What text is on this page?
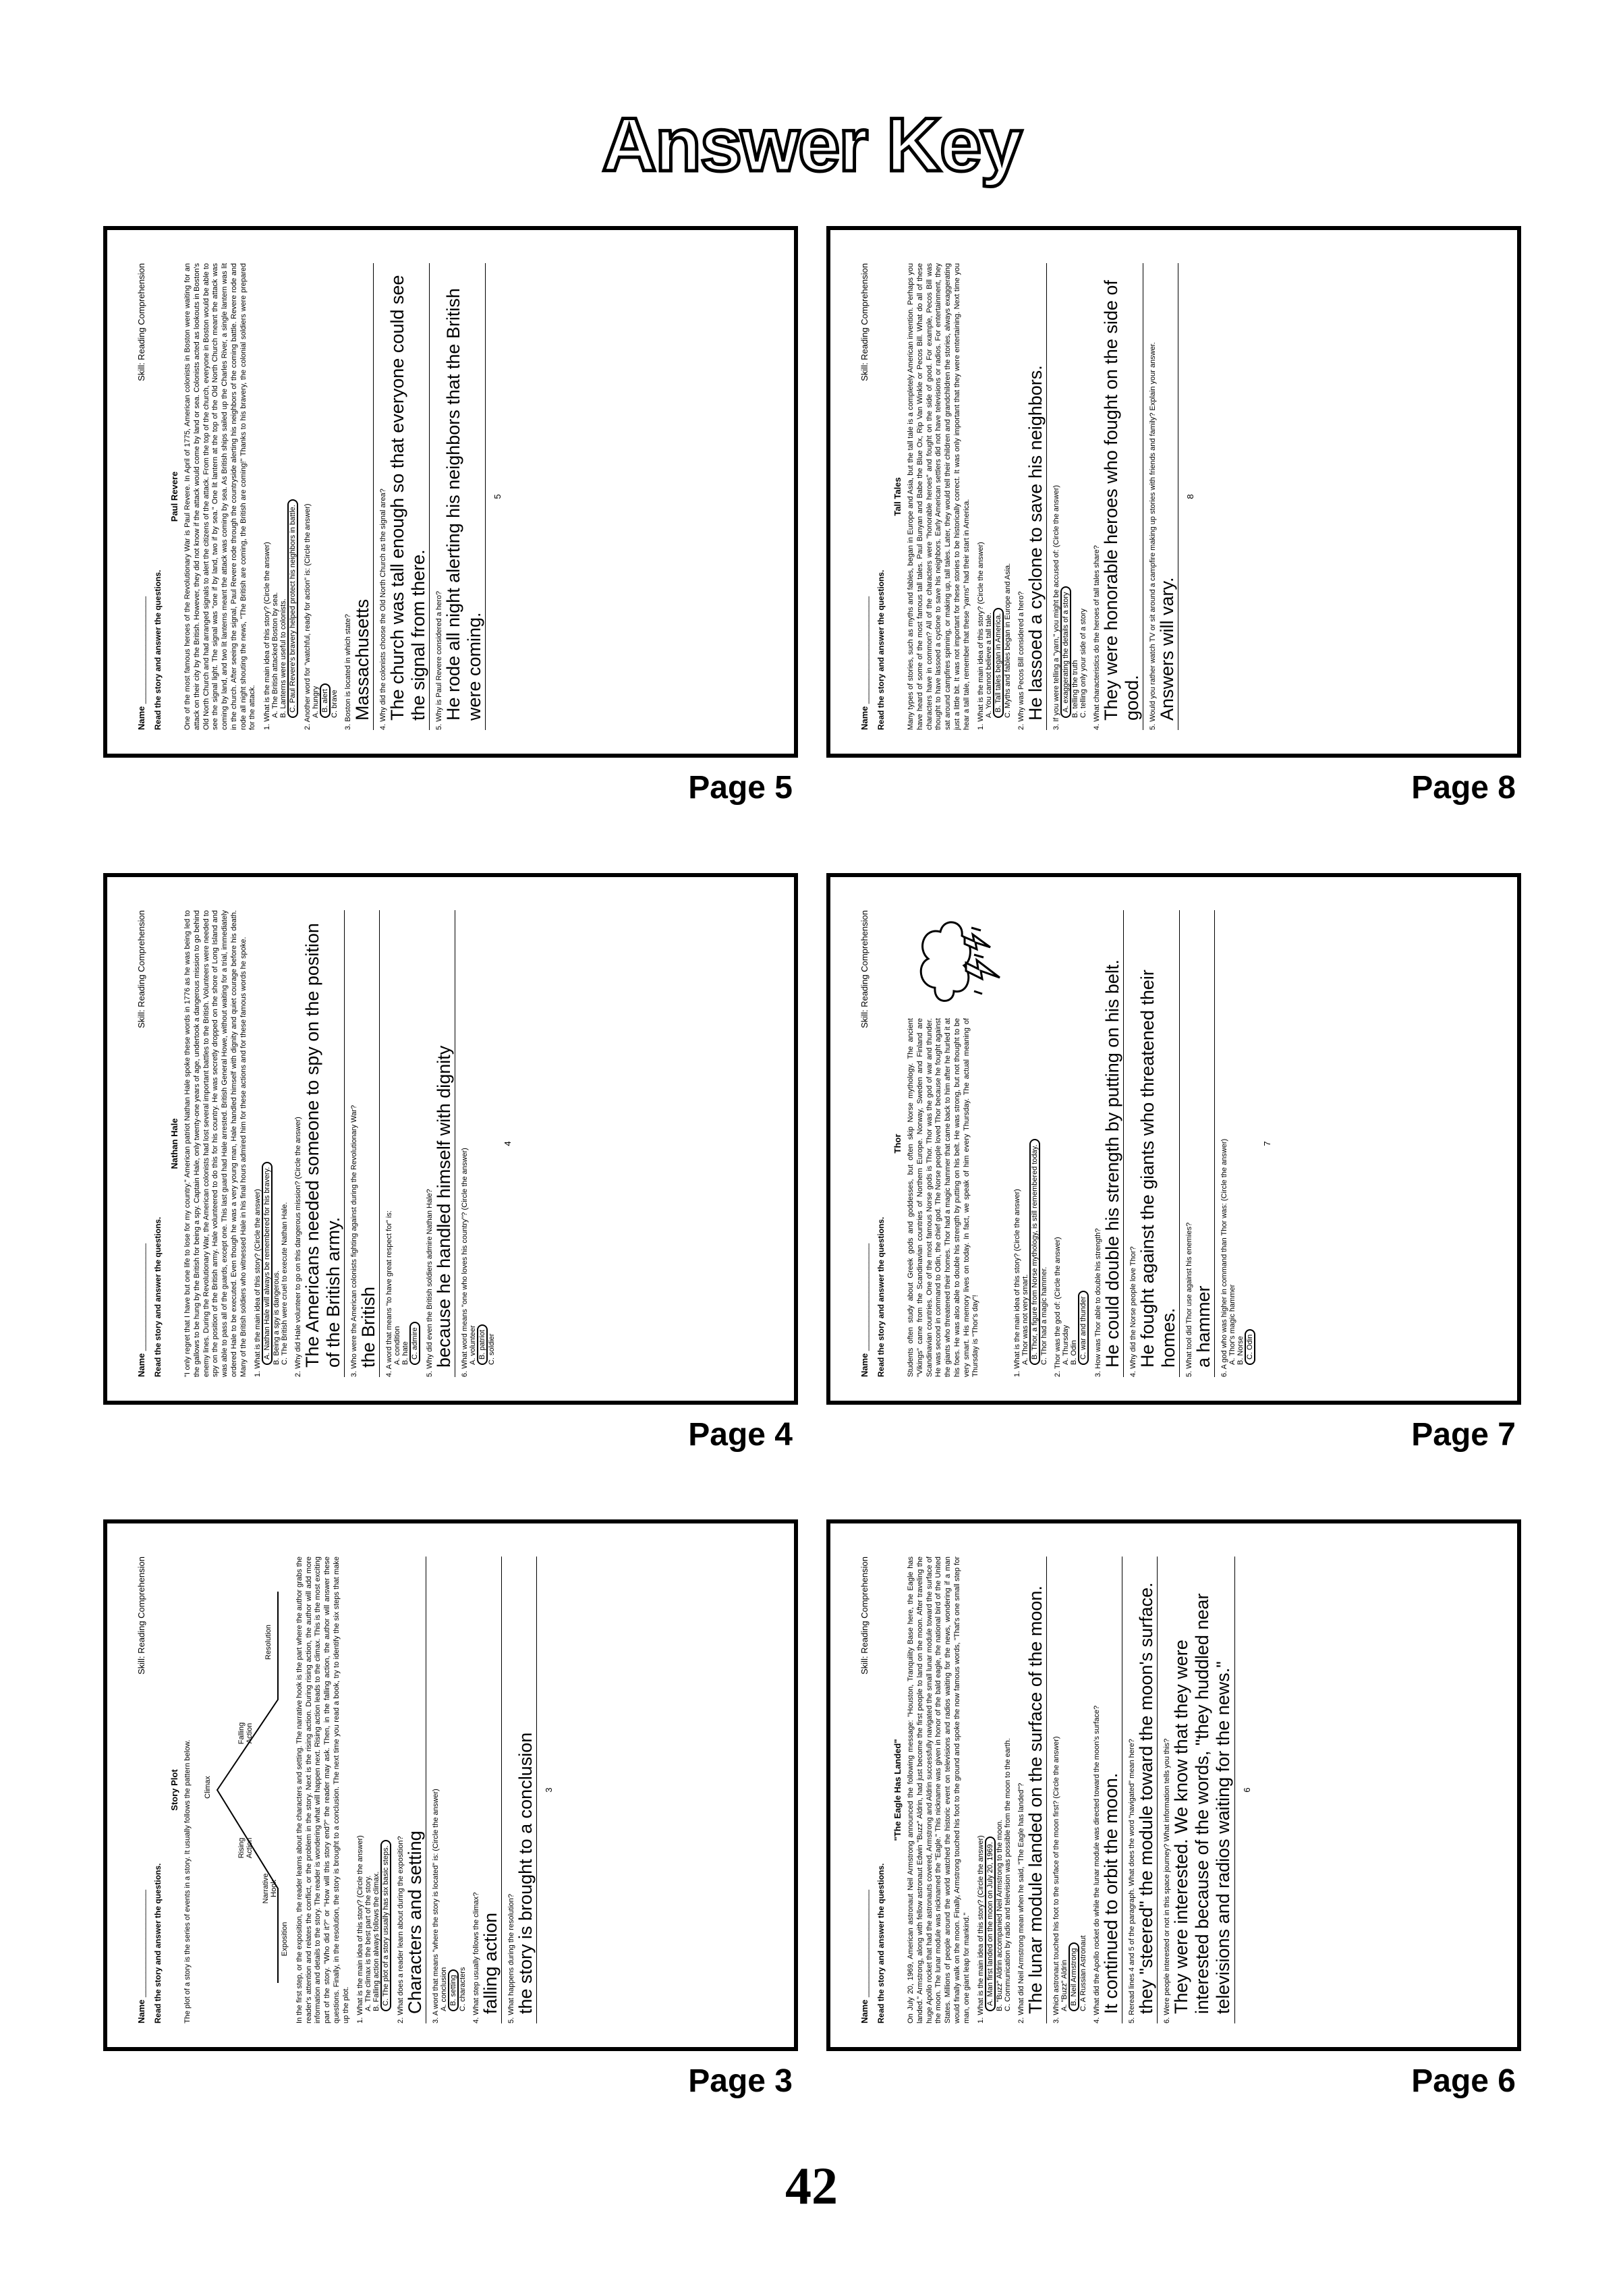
Answer Key
Name ______________________
Skill: Reading Comprehension
Read the story and answer the questions.
Paul Revere One of the most famous heroes of the Revolutionary War is Paul Revere. In April of 1775, American colonists in Boston were waiting for an attack on their city by the British. However, they did not know if the attack would come by land or sea. Colonists acted as lookouts in Boston's Old North Church and had arranged signals to alert the citizens of the attack. From the top of the church, everyone in Boston would be able to see the signal light. The signal was "one if by land, two if by sea." One lit lantern at the top of the Old North Church meant the attack was coming by land, and two lit lanterns meant the attack was coming by sea. As British ships sailed up the Charles River, a single lantern was lit in the church. After seeing the signal, Paul Revere rode through the countryside alerting his neighbors of the coming battle. Revere rode and rode all night shouting the news, "The British are coming, the British are coming!" Thanks to his bravery, the colonial soldiers were prepared for the attack. 1. What is the main idea of this story? (Circle the answer) A. The British attacked Boston by sea. B. Lanterns were useful to colonists. C. Paul Revere's bravery helped protect his neighbors in battle. 2. Another word for "watchful, ready for action" is: (Circle the answer) A. hungry B. alert C. brave 3. Boston is located in which state? Massachusetts 4. Why did the colonists choose the Old North Church as the signal area? The church was tall enough so that everyone could see the signal from there. 5. Why is Paul Revere considered a hero? He rode all night alerting his neighbors that the British were coming.
5
Page 5
Name ______________________
Skill: Reading Comprehension
Read the story and answer the questions.
Tall Tales Many types of stories, such as myths and fables, began in Europe and Asia, but the tall tale is a completely American invention. Perhaps you have heard of some of the most famous tall tales. Paul Bunyan and Babe the Blue Ox, Rip Van Winkle or Pecos Bill. What do all of these characters have in common? All of the characters were "honorable heroes" and fought on the side of good. For example, Pecos Bill was thought to have lassoed a cyclone to save his neighbors. Early American settlers did not have televisions or radios. For entertainment, they sat around campfires spinning, or making up, tall tales. Later, they would tell their children and grandchildren the stories, always exaggerating just a little bit. It was not important for these stories to be historically correct. It was only important that they were entertaining. Next time you hear a tall tale, remember that these "yarns" had their start in America. 1. What is the main idea of this story? (Circle the answer) A. You cannot believe a tall tale. B. Tall tales began in America. C. Myths and fables began in Europe and Asia. 2. Why was Pecos Bill considered a hero? He lassoed a cyclone to save his neighbors. 3. If you were telling a "yarn," you might be accused of: (Circle the answer) A. exaggerating the details of a story B. telling the truth C. telling only your side of a story 4. What characteristics do the heroes of tall tales share? They were honorable heroes who fought on the side of good. 5. Would you rather watch TV or sit around a campfire making up stories with friends and family? Explain your answer. Answers will vary.
8
Page 8
Name ______________________
Skill: Reading Comprehension
Read the story and answer the questions.
Nathan Hale "I only regret that I have but one life to lose for my country." American patriot Nathan Hale spoke these words in 1776 as he was being led to the gallows to be hung by the British for being a spy. Captain Hale, only twenty-one years of age, undertook a dangerous mission to go behind enemy lines. During the Revolutionary War, the American colonists had lost several important battles to the British. Volunteers were needed to spy on the position of the British army. Hale volunteered to do this for his country. He was secretly dropped on the shore of Long Island and was able to pass all of the guards, except one. This last guard had Hale arrested. British General Howe, without waiting for a trial, immediately ordered Hale to be executed. Even though he was a very young man, Hale handled himself with dignity and quiet courage before his death. Many of the British soldiers who witnessed Hale in his final hours admired him for these actions and for these famous words he spoke. 1. What is the main idea of this story? (Circle the answer) A. Nathan Hale will always be remembered for his bravery. B. Being a spy is dangerous. C. The British were cruel to execute Nathan Hale. 2. Why did Hale volunteer to go on this dangerous mission? (Circle the answer) The Americans needed someone to spy on the position of the British army. 3. Who were the American colonists fighting against during the Revolutionary War? the British 4. A word that means "to have great respect for" is: A. condition B. hate C. admire 5. Why did even the British soldiers admire Nathan Hale? because he handled himself with dignity 6. What word means "one who loves his country"? (Circle the answer) A. volunteer B. patriot C. soldier
4
Page 4
Name ______________________
Skill: Reading Comprehension
Read the story and answer the questions.
Thor Students often study about Greek gods and goddesses, but often skip Norse mythology. The ancient "Vikings" came from the Scandinavian countries of Northern Europe. Norway, Sweden and Finland are Scandinavian countries. One of the most famous Norse gods is Thor. Thor was the god of war and thunder. He was second in command to Odin, the chief god. The Norse people loved Thor because he fought against the giants who threatened their homes. Thor had a magic hammer that came back to him after he hurled it at his foes. He was also able to double his strength by putting on his belt. He was strong, but not thought to be very smart. His memory lives on today. In fact, we speak of him every Thursday. The actual meaning of Thursday is "Thor's day"!	1. What is the main idea of this story? (Circle the answer) A. Thor was not very smart. B. Thor, a figure from Norse mythology, is still remembered today. C. Thor had a magic hammer. 2. Thor was the god of: (Circle the answer) A. Thursday B. Odin C. war and thunder 3. How was Thor able to double his strength? He could double his strength by putting on his belt. 4. Why did the Norse people love Thor? He fought against the giants who threatened their homes. 5. What tool did Thor use against his enemies? a hammer 6. A god who was higher in command than Thor was: (Circle the answer) A. Thor's magic hammer B. Norse C. Odin
7
Page 7
Name ______________________
Skill: Reading Comprehension
Read the story and answer the questions.
Story Plot The plot of a story is the series of events in a story. It usually follows the pattern below. Climax
Rising Action
Falling Action
Narrative Hook
Exposition
Resolution	In the first step, or the exposition, the reader learns about the characters and setting. The narrative hook is the part where the author grabs the reader's attention and relates the conflict, or the problem in the story. Next is the rising action. During rising action, the author will add more information and details to the story. The reader is wondering what will happen next. Rising action leads to the climax. This is the most exciting part of the story. "Who did it?" or "How will this story end?" the reader may ask. Then, in the falling action, the author will answer these questions. Finally, in the resolution, the story is brought to a conclusion. The next time you read a book, try to identify the six steps that make up the plot. 1. What is the main idea of this story? (Circle the answer) A. The climax is the best part of the story. B. Falling action always follows the climax. C. The plot of a story usually has six basic steps. 2. What does a reader learn about during the exposition? Characters and setting 3. A word that means "where the story is located" is: (Circle the answer) A. conclusion B. setting C. characters 4. What step usually follows the climax? falling action 5. What happens during the resolution? the story is brought to a conclusion 3
Page 3
Name ______________________
Skill: Reading Comprehension
Read the story and answer the questions.
"The Eagle Has Landed" On July 20, 1969, American astronaut Neil Armstrong announced the following message: "Houston, Tranquility Base here, the Eagle has landed." Armstrong, along with fellow astronaut Edwin "Buzz" Aldrin, had just become the first people to land on the moon. After traveling the huge Apollo rocket that had the astronauts covered, Armstrong and Aldrin successfully navigated the small lunar module toward the surface of the moon. The lunar module was nicknamed the "Eagle." This nickname was given in honor of the bald eagle, the national bird of the United States. Millions of people around the world watched the historic event on televisions and radios waiting for the news, wondering if a man would finally walk on the moon. Finally, Armstrong touched his foot to the ground and spoke the now famous words, "That's one small step for man, one giant leap for mankind." 1. What is the main idea of this story? (Circle the answer) A. Man first landed on the moon on July 20, 1969. B. "Buzz" Aldrin accompanied Neil Armstrong to the moon. C. Communication by radio and television was possible from the moon to the earth. 2. What did Neil Armstrong mean when he said, "The Eagle has landed"? The lunar module landed on the surface of the moon. 3. Which astronaut touched his foot to the surface of the moon first? (Circle the answer) A. "Buzz" Aldrin B. Neil Armstrong C. A Russian Astronaut 4. What did the Apollo rocket do while the lunar module was directed toward the moon's surface? It continued to orbit the moon. 5. Reread lines 4 and 5 of the paragraph. What does the word "navigated" mean here? they "steered" the module toward the moon's surface. 6. Were people interested or not in this space journey? What information tells you this? They were interested. We know that they were interested because of the words, "they huddled near televisions and radios waiting for the news." 6
Page 6
42
